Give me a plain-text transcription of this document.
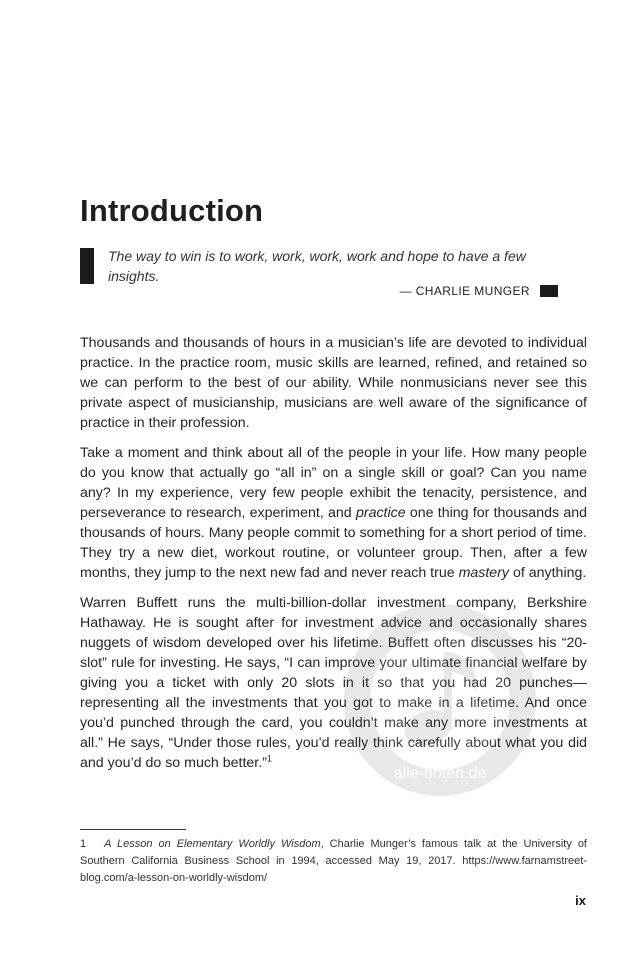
Introduction
The way to win is to work, work, work, work and hope to have a few insights.
— CHARLIE MUNGER

Thousands and thousands of hours in a musician’s life are devoted to individual practice. In the practice room, music skills are learned, refined, and retained so we can perform to the best of our ability. While nonmusicians never see this private aspect of musicianship, musicians are well aware of the significance of practice in their profession.

Take a moment and think about all of the people in your life. How many people do you know that actually go “all in” on a single skill or goal? Can you name any? In my experience, very few people exhibit the tenacity, persistence, and perseverance to research, experiment, and practice one thing for thousands and thousands of hours. Many people commit to something for a short period of time. They try a new diet, workout routine, or volunteer group. Then, after a few months, they jump to the next new fad and never reach true mastery of anything.

Warren Buffett runs the multi-billion-dollar investment company, Berkshire Hathaway. He is sought after for investment advice and occasionally shares nuggets of wisdom developed over his lifetime. Buffett often discusses his “20-slot” rule for investing. He says, “I can improve your ultimate financial welfare by giving you a ticket with only 20 slots in it so that you had 20 punches—representing all the investments that you got to make in a lifetime. And once you’d punched through the card, you couldn’t make any more investments at all.” He says, “Under those rules, you’d really think carefully about what you did and you’d do so much better.”$^1$

alle-noten.de
1 A Lesson on Elementary Worldly Wisdom, Charlie Munger’s famous talk at the University of Southern California Business School in 1994, accessed May 19, 2017. https://www.farnamstreet-blog.com/a-lesson-on-worldly-wisdom/
ix
